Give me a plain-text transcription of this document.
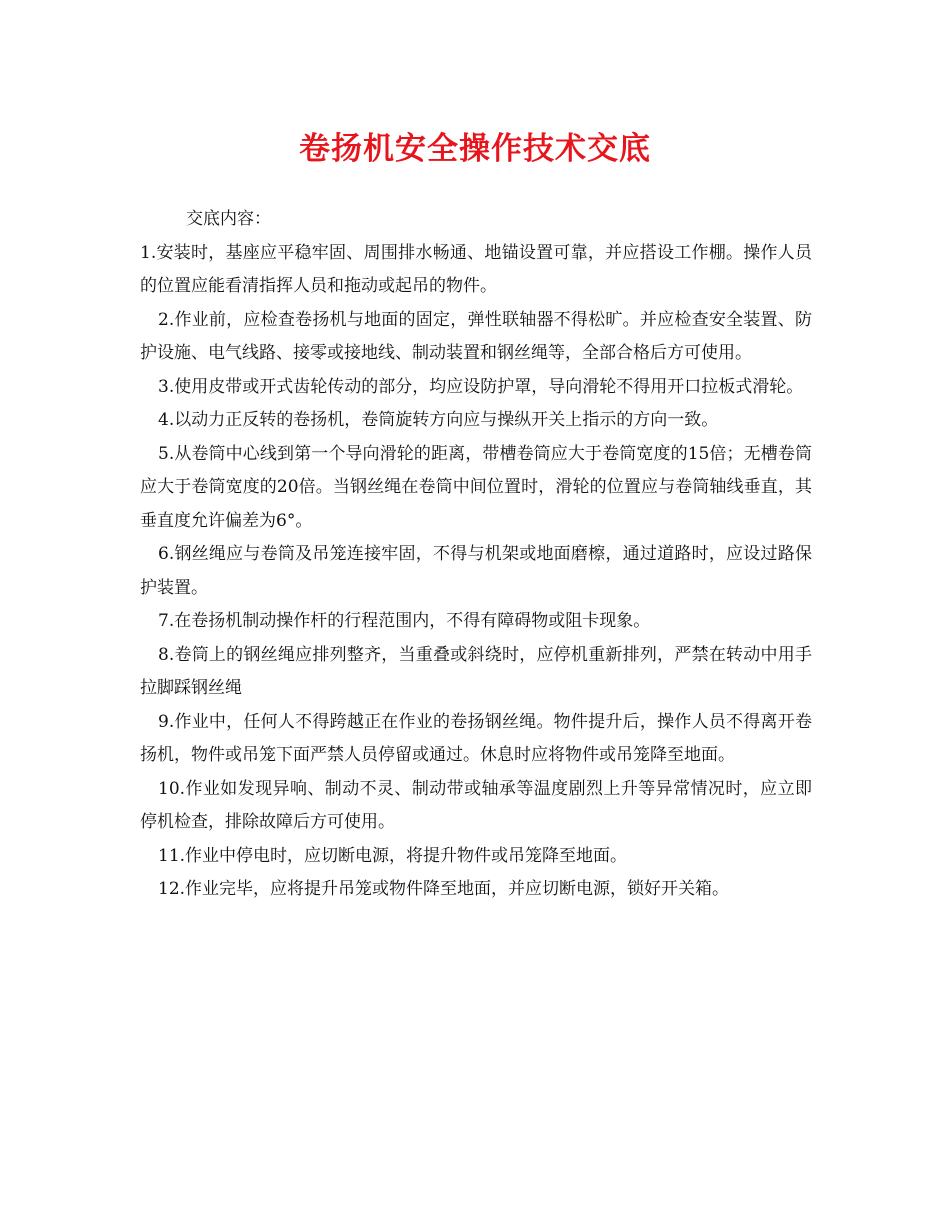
卷扬机安全操作技术交底

交底内容：

1.安装时，基座应平稳牢固、周围排水畅通、地锚设置可靠，并应搭设工作棚。操作人员的位置应能看清指挥人员和拖动或起吊的物件。

2.作业前，应检查卷扬机与地面的固定，弹性联轴器不得松旷。并应检查安全装置、防护设施、电气线路、接零或接地线、制动装置和钢丝绳等，全部合格后方可使用。

3.使用皮带或开式齿轮传动的部分，均应设防护罩，导向滑轮不得用开口拉板式滑轮。

4.以动力正反转的卷扬机，卷筒旋转方向应与操纵开关上指示的方向一致。

5.从卷筒中心线到第一个导向滑轮的距离，带槽卷筒应大于卷筒宽度的15倍；无槽卷筒应大于卷筒宽度的20倍。当钢丝绳在卷筒中间位置时，滑轮的位置应与卷筒轴线垂直，其垂直度允许偏差为6°。

6.钢丝绳应与卷筒及吊笼连接牢固，不得与机架或地面磨檫，通过道路时，应设过路保护装置。

7.在卷扬机制动操作杆的行程范围内，不得有障碍物或阻卡现象。

8.卷筒上的钢丝绳应排列整齐，当重叠或斜绕时，应停机重新排列，严禁在转动中用手拉脚踩钢丝绳

9.作业中，任何人不得跨越正在作业的卷扬钢丝绳。物件提升后，操作人员不得离开卷扬机，物件或吊笼下面严禁人员停留或通过。休息时应将物件或吊笼降至地面。

10.作业如发现异响、制动不灵、制动带或轴承等温度剧烈上升等异常情况时，应立即停机检查，排除故障后方可使用。

11.作业中停电时，应切断电源，将提升物件或吊笼降至地面。

12.作业完毕，应将提升吊笼或物件降至地面，并应切断电源，锁好开关箱。
